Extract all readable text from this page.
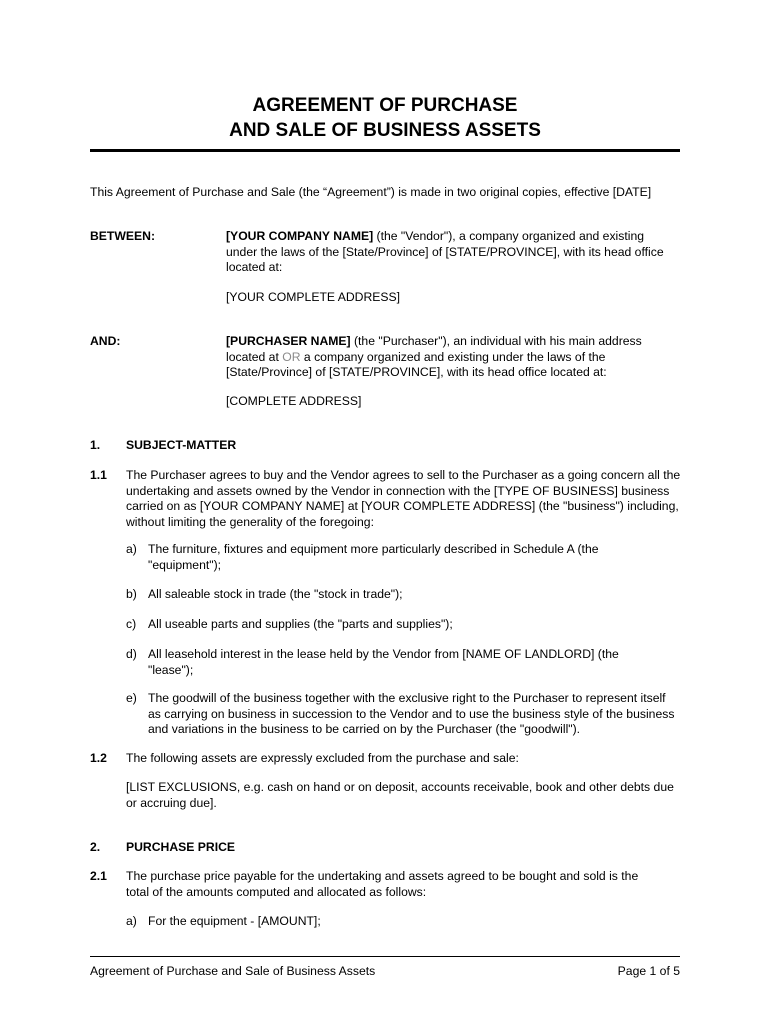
AGREEMENT OF PURCHASE
AND SALE OF BUSINESS ASSETS
This Agreement of Purchase and Sale (the “Agreement”) is made in two original copies, effective [DATE]
BETWEEN:	[YOUR COMPANY NAME] (the "Vendor"), a company organized and existing under the laws of the [State/Province] of [STATE/PROVINCE], with its head office located at:
[YOUR COMPLETE ADDRESS]
AND:	[PURCHASER NAME] (the "Purchaser"), an individual with his main address located at OR a company organized and existing under the laws of the [State/Province] of [STATE/PROVINCE], with its head office located at:
[COMPLETE ADDRESS]
1. SUBJECT-MATTER
1.1 The Purchaser agrees to buy and the Vendor agrees to sell to the Purchaser as a going concern all the undertaking and assets owned by the Vendor in connection with the [TYPE OF BUSINESS] business carried on as [YOUR COMPANY NAME] at [YOUR COMPLETE ADDRESS] (the "business") including, without limiting the generality of the foregoing:
a) The furniture, fixtures and equipment more particularly described in Schedule A (the "equipment");
b) All saleable stock in trade (the "stock in trade");
c) All useable parts and supplies (the "parts and supplies");
d) All leasehold interest in the lease held by the Vendor from [NAME OF LANDLORD] (the "lease");
e) The goodwill of the business together with the exclusive right to the Purchaser to represent itself as carrying on business in succession to the Vendor and to use the business style of the business and variations in the business to be carried on by the Purchaser (the "goodwill").
1.2 The following assets are expressly excluded from the purchase and sale:
[LIST EXCLUSIONS, e.g. cash on hand or on deposit, accounts receivable, book and other debts due or accruing due].
2. PURCHASE PRICE
2.1 The purchase price payable for the undertaking and assets agreed to be bought and sold is the total of the amounts computed and allocated as follows:
a) For the equipment - [AMOUNT];
Agreement of Purchase and Sale of Business Assets	Page 1 of 5
